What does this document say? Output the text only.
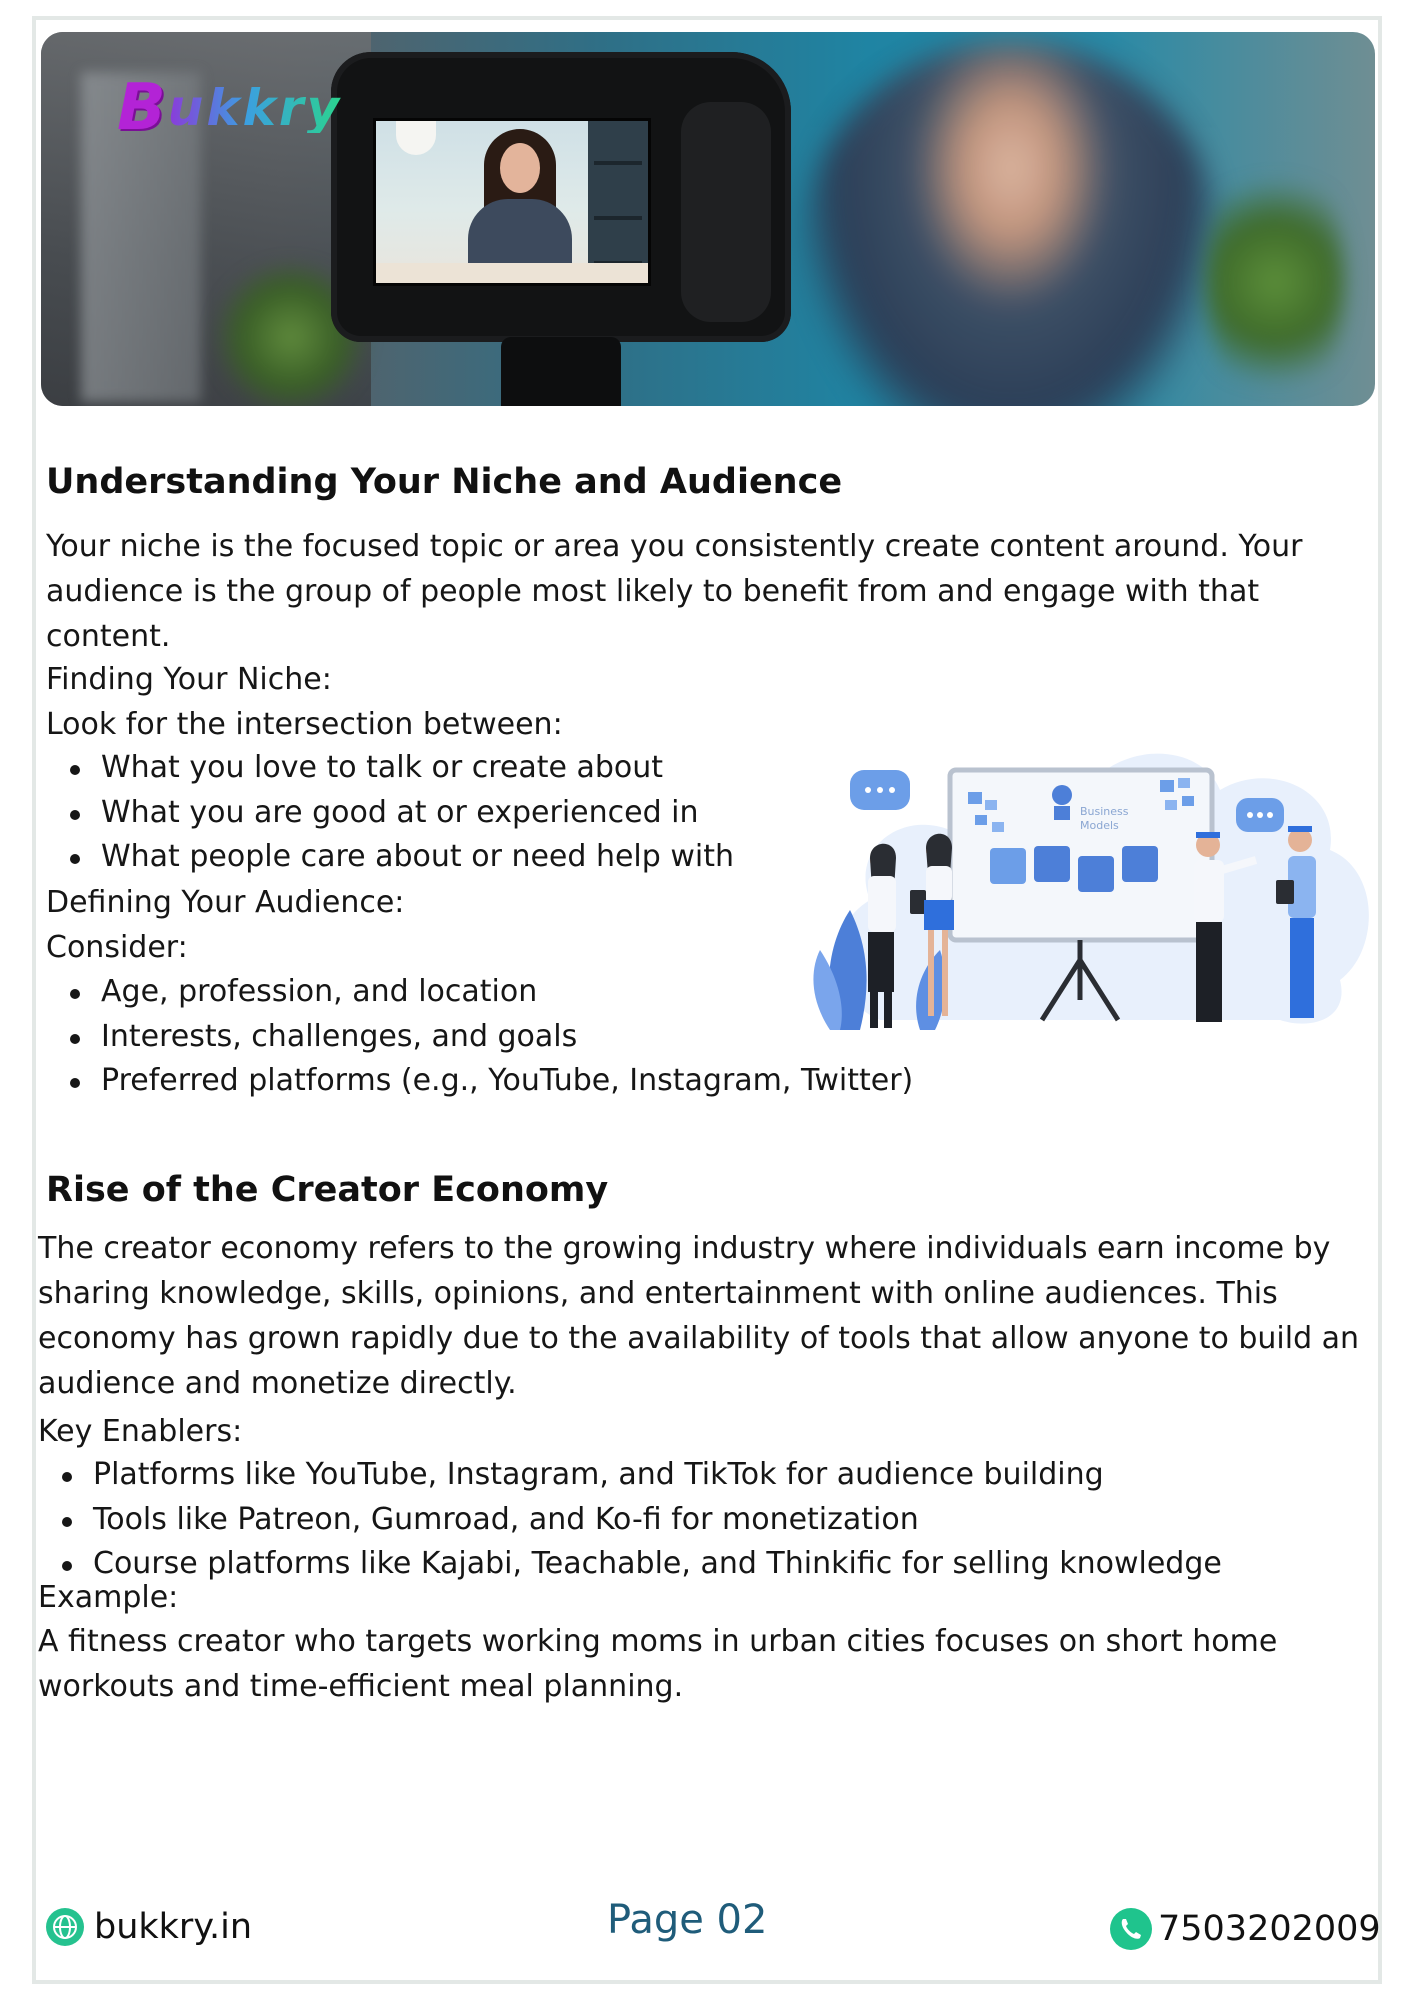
B ukkry
Understanding Your Niche and Audience

Your niche is the focused topic or area you consistently create content around. Your audience is the group of people most likely to benefit from and engage with that content.

Finding Your Niche:

Look for the intersection between:

What you love to talk or create about
What you are good at or experienced in
What people care about or need help with

Defining Your Audience:

Consider:

Age, profession, and location
Interests, challenges, and goals
Preferred platforms (e.g., YouTube, Instagram, Twitter)
Business
Models
Rise of the Creator Economy

The creator economy refers to the growing industry where individuals earn income by sharing knowledge, skills, opinions, and entertainment with online audiences. This economy has grown rapidly due to the availability of tools that allow anyone to build an audience and monetize directly.

Key Enablers:

Platforms like YouTube, Instagram, and TikTok for audience building
Tools like Patreon, Gumroad, and Ko-fi for monetization
Course platforms like Kajabi, Teachable, and Thinkific for selling knowledge

Example:

A fitness creator who targets working moms in urban cities focuses on short home workouts and time-efficient meal planning.

bukkry.in	Page 02	7503202009
